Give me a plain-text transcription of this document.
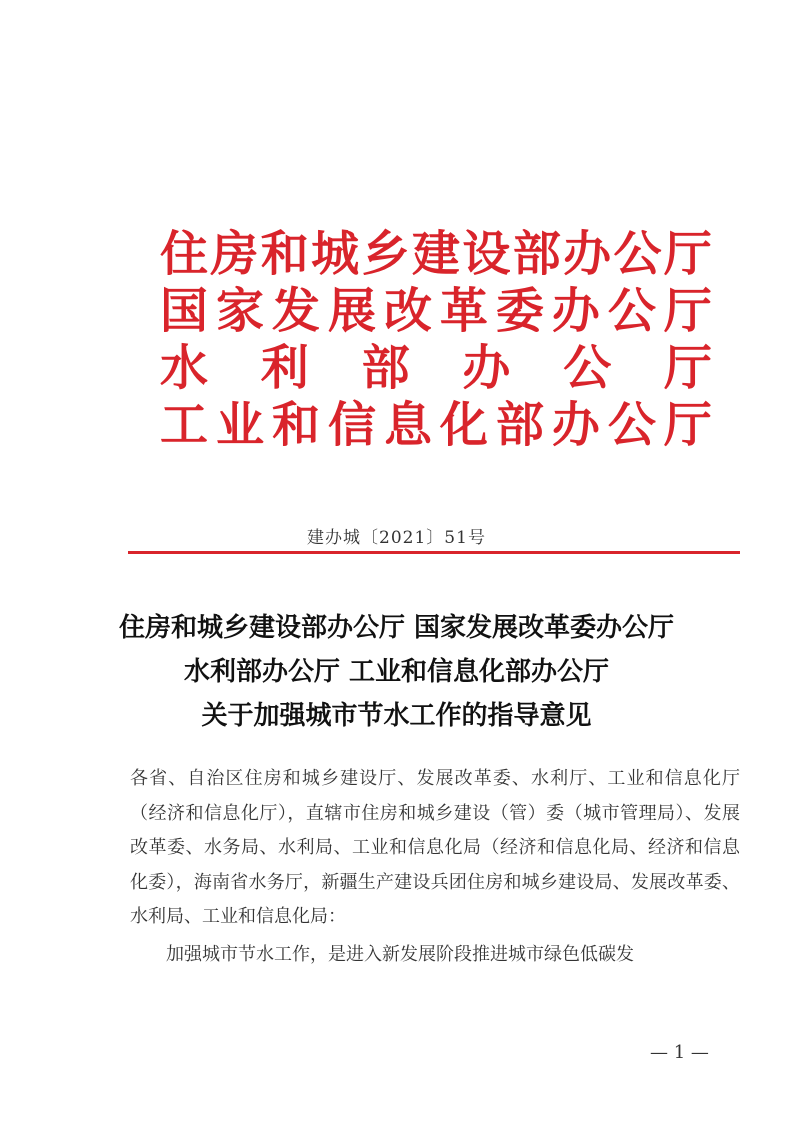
住 房 和 城 乡 建 设 部 办 公 厅
国 家 发 展 改 革 委 办 公 厅
水 利 部 办 公 厅
工 业 和 信 息 化 部 办 公 厅
建办城〔2021〕51号
住房和城乡建设部办公厅 国家发展改革委办公厅
水利部办公厅 工业和信息化部办公厅
关于加强城市节水工作的指导意见

各省、自治区住房和城乡建设厅、发展改革委、水利厅、工业和信息化厅（经济和信息化厅），直辖市住房和城乡建设（管）委（城市管理局）、发展改革委、水务局、水利局、工业和信息化局（经济和信息化局、经济和信息化委），海南省水务厅，新疆生产建设兵团住房和城乡建设局、发展改革委、水利局、工业和信息化局：

加强城市节水工作，是进入新发展阶段推进城市绿色低碳发

— 1 —
